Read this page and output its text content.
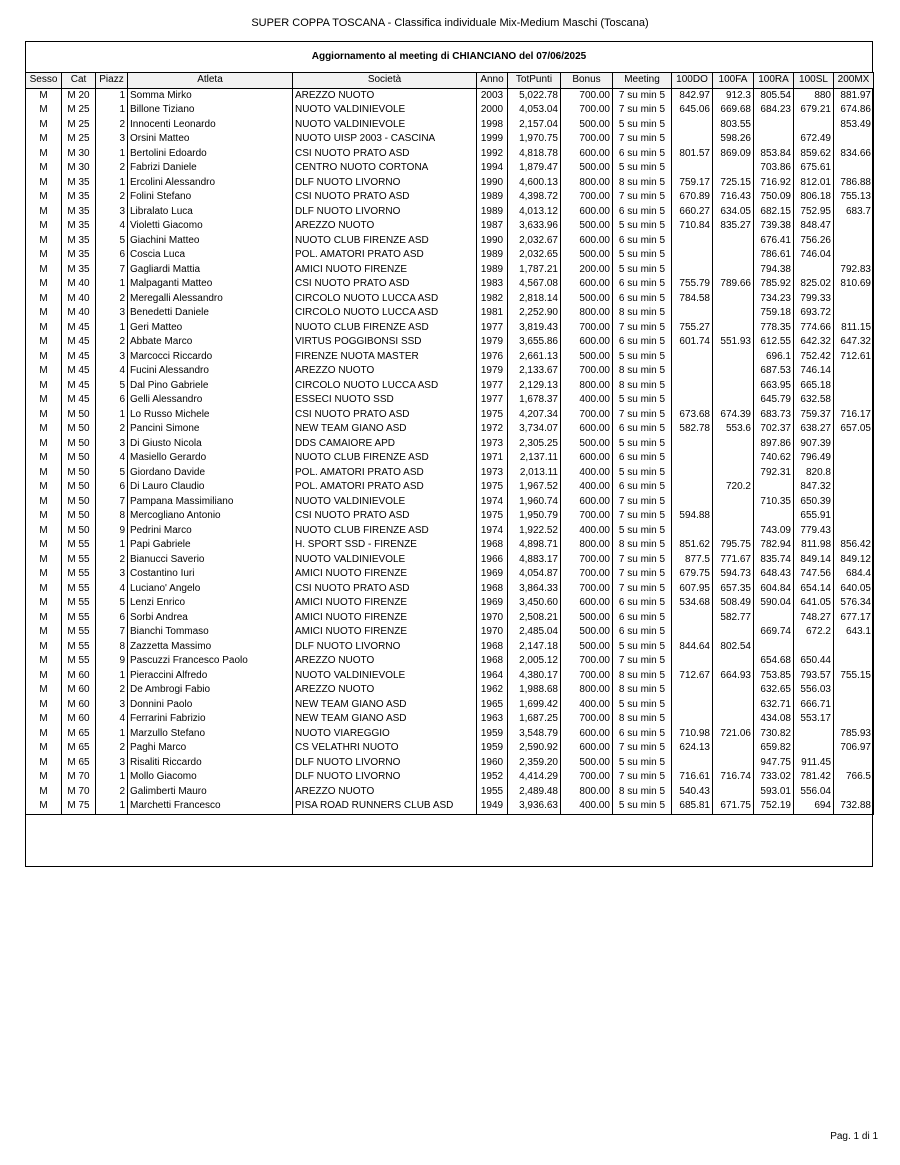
SUPER COPPA TOSCANA - Classifica individuale Mix-Medium Maschi (Toscana)
Aggiornamento al meeting di CHIANCIANO del 07/06/2025
Sesso	Cat	Piazz	Atleta	Società	Anno	TotPunti	Bonus	Meeting	100DO	100FA	100RA	100SL	200MX
M	M 20	1	Somma Mirko	AREZZO NUOTO	2003	5,022.78	700.00	7 su min 5	842.97	912.3	805.54	880	881.97
M	M 25	1	Billone Tiziano	NUOTO VALDINIEVOLE	2000	4,053.04	700.00	7 su min 5	645.06	669.68	684.23	679.21	674.86
M	M 25	2	Innocenti Leonardo	NUOTO VALDINIEVOLE	1998	2,157.04	500.00	5 su min 5		803.55			853.49
M	M 25	3	Orsini Matteo	NUOTO UISP 2003 - CASCINA	1999	1,970.75	700.00	7 su min 5		598.26		672.49	
M	M 30	1	Bertolini Edoardo	CSI NUOTO PRATO ASD	1992	4,818.78	600.00	6 su min 5	801.57	869.09	853.84	859.62	834.66
M	M 30	2	Fabrizi Daniele	CENTRO NUOTO CORTONA	1994	1,879.47	500.00	5 su min 5			703.86	675.61	
M	M 35	1	Ercolini Alessandro	DLF NUOTO LIVORNO	1990	4,600.13	800.00	8 su min 5	759.17	725.15	716.92	812.01	786.88
M	M 35	2	Folini Stefano	CSI NUOTO PRATO ASD	1989	4,398.72	700.00	7 su min 5	670.89	716.43	750.09	806.18	755.13
M	M 35	3	Libralato Luca	DLF NUOTO LIVORNO	1989	4,013.12	600.00	6 su min 5	660.27	634.05	682.15	752.95	683.7
M	M 35	4	Violetti Giacomo	AREZZO NUOTO	1987	3,633.96	500.00	5 su min 5	710.84	835.27	739.38	848.47	
M	M 35	5	Giachini Matteo	NUOTO CLUB FIRENZE ASD	1990	2,032.67	600.00	6 su min 5			676.41	756.26	
M	M 35	6	Coscia Luca	POL. AMATORI PRATO ASD	1989	2,032.65	500.00	5 su min 5			786.61	746.04	
M	M 35	7	Gagliardi Mattia	AMICI NUOTO FIRENZE	1989	1,787.21	200.00	5 su min 5			794.38		792.83
M	M 40	1	Malpaganti Matteo	CSI NUOTO PRATO ASD	1983	4,567.08	600.00	6 su min 5	755.79	789.66	785.92	825.02	810.69
M	M 40	2	Meregalli Alessandro	CIRCOLO NUOTO LUCCA ASD	1982	2,818.14	500.00	6 su min 5	784.58		734.23	799.33	
M	M 40	3	Benedetti Daniele	CIRCOLO NUOTO LUCCA ASD	1981	2,252.90	800.00	8 su min 5			759.18	693.72	
M	M 45	1	Geri Matteo	NUOTO CLUB FIRENZE ASD	1977	3,819.43	700.00	7 su min 5	755.27		778.35	774.66	811.15
M	M 45	2	Abbate Marco	VIRTUS POGGIBONSI SSD	1979	3,655.86	600.00	6 su min 5	601.74	551.93	612.55	642.32	647.32
M	M 45	3	Marcocci Riccardo	FIRENZE NUOTA MASTER	1976	2,661.13	500.00	5 su min 5			696.1	752.42	712.61
M	M 45	4	Fucini Alessandro	AREZZO NUOTO	1979	2,133.67	700.00	8 su min 5			687.53	746.14	
M	M 45	5	Dal Pino Gabriele	CIRCOLO NUOTO LUCCA ASD	1977	2,129.13	800.00	8 su min 5			663.95	665.18	
M	M 45	6	Gelli Alessandro	ESSECI NUOTO SSD	1977	1,678.37	400.00	5 su min 5			645.79	632.58	
M	M 50	1	Lo Russo Michele	CSI NUOTO PRATO ASD	1975	4,207.34	700.00	7 su min 5	673.68	674.39	683.73	759.37	716.17
M	M 50	2	Pancini Simone	NEW TEAM GIANO ASD	1972	3,734.07	600.00	6 su min 5	582.78	553.6	702.37	638.27	657.05
M	M 50	3	Di Giusto Nicola	DDS CAMAIORE APD	1973	2,305.25	500.00	5 su min 5			897.86	907.39	
M	M 50	4	Masiello Gerardo	NUOTO CLUB FIRENZE ASD	1971	2,137.11	600.00	6 su min 5			740.62	796.49	
M	M 50	5	Giordano Davide	POL. AMATORI PRATO ASD	1973	2,013.11	400.00	5 su min 5			792.31	820.8	
M	M 50	6	Di Lauro Claudio	POL. AMATORI PRATO ASD	1975	1,967.52	400.00	6 su min 5		720.2		847.32	
M	M 50	7	Pampana Massimiliano	NUOTO VALDINIEVOLE	1974	1,960.74	600.00	7 su min 5			710.35	650.39	
M	M 50	8	Mercogliano Antonio	CSI NUOTO PRATO ASD	1975	1,950.79	700.00	7 su min 5	594.88			655.91	
M	M 50	9	Pedrini Marco	NUOTO CLUB FIRENZE ASD	1974	1,922.52	400.00	5 su min 5			743.09	779.43	
M	M 55	1	Papi Gabriele	H. SPORT SSD - FIRENZE	1968	4,898.71	800.00	8 su min 5	851.62	795.75	782.94	811.98	856.42
M	M 55	2	Bianucci Saverio	NUOTO VALDINIEVOLE	1966	4,883.17	700.00	7 su min 5	877.5	771.67	835.74	849.14	849.12
M	M 55	3	Costantino Iuri	AMICI NUOTO FIRENZE	1969	4,054.87	700.00	7 su min 5	679.75	594.73	648.43	747.56	684.4
M	M 55	4	Luciano' Angelo	CSI NUOTO PRATO ASD	1968	3,864.33	700.00	7 su min 5	607.95	657.35	604.84	654.14	640.05
M	M 55	5	Lenzi Enrico	AMICI NUOTO FIRENZE	1969	3,450.60	600.00	6 su min 5	534.68	508.49	590.04	641.05	576.34
M	M 55	6	Sorbi Andrea	AMICI NUOTO FIRENZE	1970	2,508.21	500.00	6 su min 5		582.77		748.27	677.17
M	M 55	7	Bianchi Tommaso	AMICI NUOTO FIRENZE	1970	2,485.04	500.00	6 su min 5			669.74	672.2	643.1
M	M 55	8	Zazzetta Massimo	DLF NUOTO LIVORNO	1968	2,147.18	500.00	5 su min 5	844.64	802.54			
M	M 55	9	Pascuzzi Francesco Paolo	AREZZO NUOTO	1968	2,005.12	700.00	7 su min 5			654.68	650.44	
M	M 60	1	Pieraccini Alfredo	NUOTO VALDINIEVOLE	1964	4,380.17	700.00	8 su min 5	712.67	664.93	753.85	793.57	755.15
M	M 60	2	De Ambrogi Fabio	AREZZO NUOTO	1962	1,988.68	800.00	8 su min 5			632.65	556.03	
M	M 60	3	Donnini Paolo	NEW TEAM GIANO ASD	1965	1,699.42	400.00	5 su min 5			632.71	666.71	
M	M 60	4	Ferrarini Fabrizio	NEW TEAM GIANO ASD	1963	1,687.25	700.00	8 su min 5			434.08	553.17	
M	M 65	1	Marzullo Stefano	NUOTO VIAREGGIO	1959	3,548.79	600.00	6 su min 5	710.98	721.06	730.82		785.93
M	M 65	2	Paghi Marco	CS VELATHRI NUOTO	1959	2,590.92	600.00	7 su min 5	624.13		659.82		706.97
M	M 65	3	Risaliti Riccardo	DLF NUOTO LIVORNO	1960	2,359.20	500.00	5 su min 5			947.75	911.45	
M	M 70	1	Mollo Giacomo	DLF NUOTO LIVORNO	1952	4,414.29	700.00	7 su min 5	716.61	716.74	733.02	781.42	766.5
M	M 70	2	Galimberti Mauro	AREZZO NUOTO	1955	2,489.48	800.00	8 su min 5	540.43		593.01	556.04	
M	M 75	1	Marchetti Francesco	PISA ROAD RUNNERS CLUB ASD	1949	3,936.63	400.00	5 su min 5	685.81	671.75	752.19	694	732.88
Pag. 1 di 1
